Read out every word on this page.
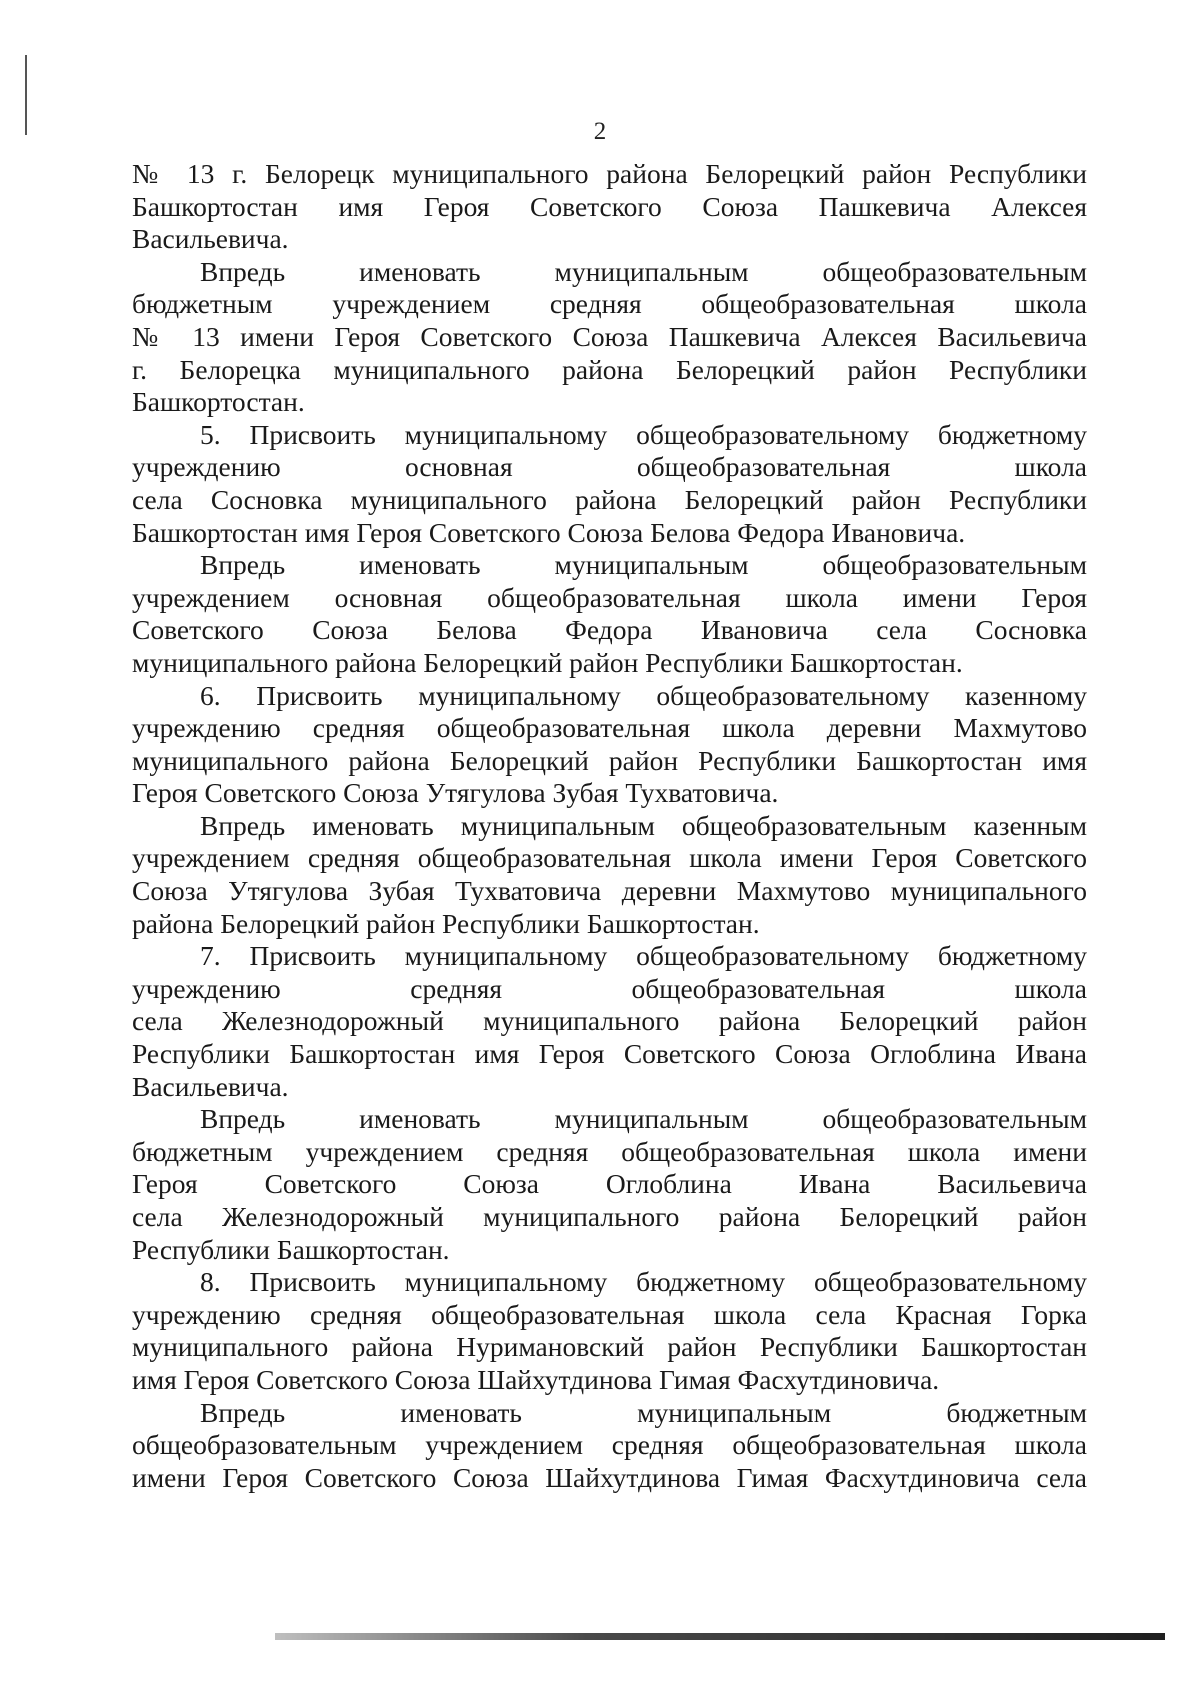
2

№ 13 г. Белорецк муниципального района Белорецкий район Республики
Башкортостан имя Героя Советского Союза Пашкевича Алексея
Васильевича.

Впредь именовать муниципальным общеобразовательным
бюджетным учреждением средняя общеобразовательная школа
№ 13 имени Героя Советского Союза Пашкевича Алексея Васильевича
г. Белорецка муниципального района Белорецкий район Республики
Башкортостан.

5. Присвоить муниципальному общеобразовательному бюджетному
учреждению основная общеобразовательная школа
села Сосновка муниципального района Белорецкий район Республики
Башкортостан имя Героя Советского Союза Белова Федора Ивановича.

Впредь именовать муниципальным общеобразовательным
учреждением основная общеобразовательная школа имени Героя
Советского Союза Белова Федора Ивановича села Сосновка
муниципального района Белорецкий район Республики Башкортостан.

6. Присвоить муниципальному общеобразовательному казенному
учреждению средняя общеобразовательная школа деревни Махмутово
муниципального района Белорецкий район Республики Башкортостан имя
Героя Советского Союза Утягулова Зубая Тухватовича.

Впредь именовать муниципальным общеобразовательным казенным
учреждением средняя общеобразовательная школа имени Героя Советского
Союза Утягулова Зубая Тухватовича деревни Махмутово муниципального
района Белорецкий район Республики Башкортостан.

7. Присвоить муниципальному общеобразовательному бюджетному
учреждению средняя общеобразовательная школа
села Железнодорожный муниципального района Белорецкий район
Республики Башкортостан имя Героя Советского Союза Оглоблина Ивана
Васильевича.

Впредь именовать муниципальным общеобразовательным
бюджетным учреждением средняя общеобразовательная школа имени
Героя Советского Союза Оглоблина Ивана Васильевича
села Железнодорожный муниципального района Белорецкий район
Республики Башкортостан.

8. Присвоить муниципальному бюджетному общеобразовательному
учреждению средняя общеобразовательная школа села Красная Горка
муниципального района Нуримановский район Республики Башкортостан
имя Героя Советского Союза Шайхутдинова Гимая Фасхутдиновича.

Впредь именовать муниципальным бюджетным
общеобразовательным учреждением средняя общеобразовательная школа
имени Героя Советского Союза Шайхутдинова Гимая Фасхутдиновича села
